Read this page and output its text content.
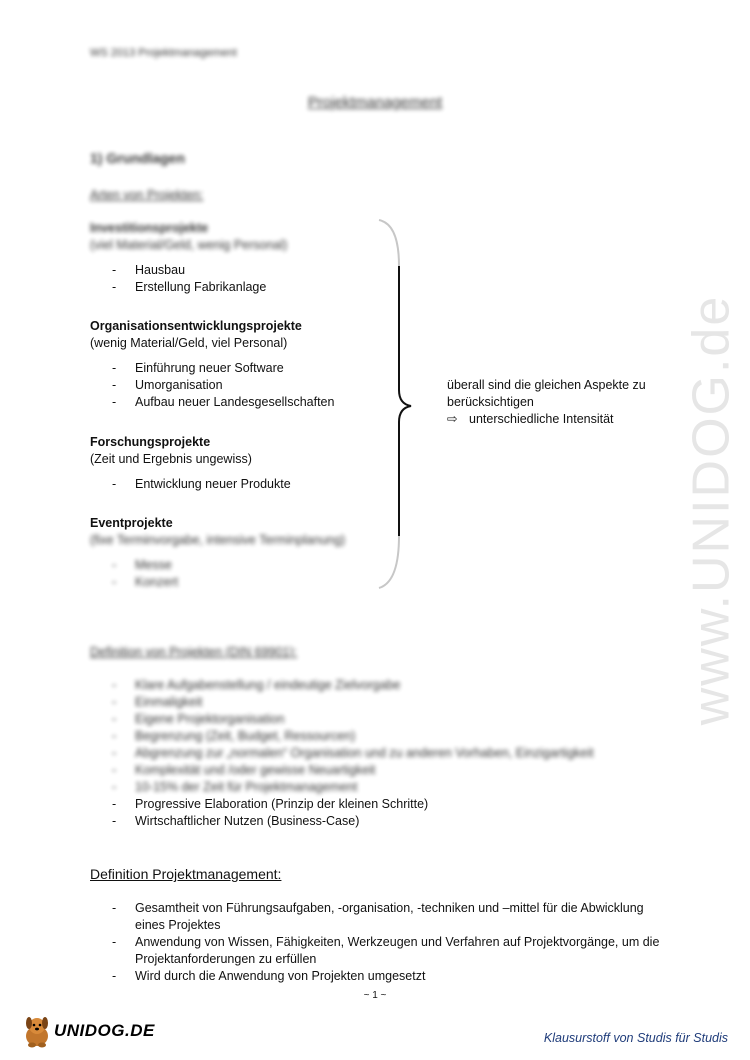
WS 2013 Projektmanagement
Projektmanagement
1) Grundlagen
Arten von Projekten:
Investitionsprojekte
(viel Material/Geld, wenig Personal)
- Hausbau
- Erstellung Fabrikanlage
Organisationsentwicklungsprojekte
(wenig Material/Geld, viel Personal)
- Einführung neuer Software
- Umorganisation
- Aufbau neuer Landesgesellschaften
Forschungsprojekte
(Zeit und Ergebnis ungewiss)
- Entwicklung neuer Produkte
Eventprojekte
(fixe Terminvorgabe, intensive Terminplanung)
- Messe
- Konzert
überall sind die gleichen Aspekte zu
berücksichtigen
⇨ unterschiedliche Intensität
Definition von Projekten (DIN 69901):
- Klare Aufgabenstellung / eindeutige Zielvorgabe
- Einmaligkeit
- Eigene Projektorganisation
- Begrenzung (Zeit, Budget, Ressourcen)
- Abgrenzung zur „normalen“ Organisation und zu anderen Vorhaben, Einzigartigkeit
- Komplexität und /oder gewisse Neuartigkeit
- 10-15% der Zeit für Projektmanagement
- Progressive Elaboration (Prinzip der kleinen Schritte)
- Wirtschaftlicher Nutzen (Business-Case)
Definition Projektmanagement:
- Gesamtheit von Führungsaufgaben, -organisation, -techniken und –mittel für die Abwicklung eines Projektes
- Anwendung von Wissen, Fähigkeiten, Werkzeugen und Verfahren auf Projektvorgänge, um die Projektanforderungen zu erfüllen
- Wird durch die Anwendung von Projekten umgesetzt
~ 1 ~
www.UNIDOG.de
UNIDOG.DE	Klausurstoff von Studis für Studis
